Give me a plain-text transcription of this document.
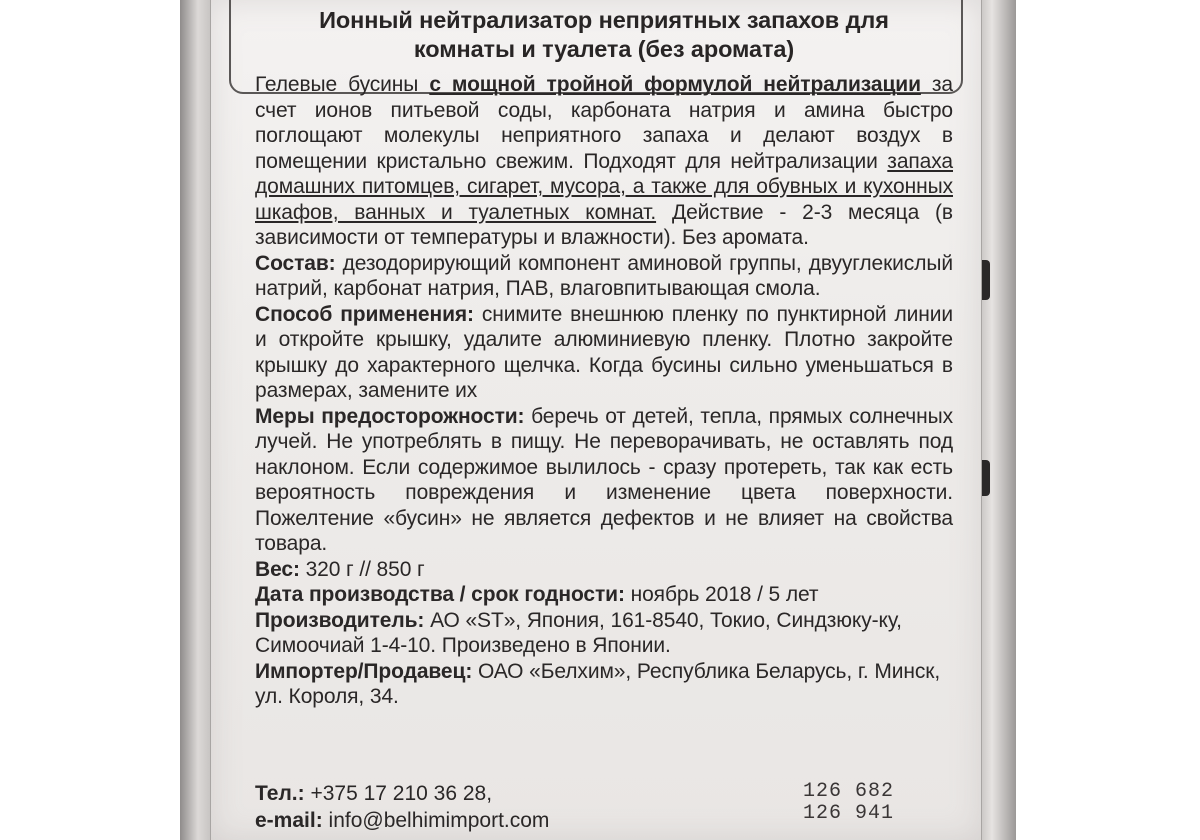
Ионный нейтрализатор неприятных запахов для
комнаты и туалета (без аромата)

Гелевые бусины с мощной тройной формулой нейтрализации за счет ионов питьевой соды, карбоната натрия и амина быстро поглощают молекулы неприятного запаха и делают воздух в помещении кристально свежим. Подходят для нейтрализации запаха домашних питомцев, сигарет, мусора, а также для обувных и кухонных шкафов, ванных и туалетных комнат. Действие - 2-3 месяца (в зависимости от температуры и влажности). Без аромата.

Состав: дезодорирующий компонент аминовой группы, двууглекислый натрий, карбонат натрия, ПАВ, влаговпитывающая смола.

Способ применения: снимите внешнюю пленку по пунктирной линии и откройте крышку, удалите алюминиевую пленку. Плотно закройте крышку до характерного щелчка. Когда бусины сильно уменьшаться в размерах, замените их

Меры предосторожности: беречь от детей, тепла, прямых солнечных лучей. Не употреблять в пищу. Не переворачивать, не оставлять под наклоном. Если содержимое вылилось - сразу протереть, так как есть вероятность повреждения и изменение цвета поверхности. Пожелтение «бусин» не является дефектов и не влияет на свойства товара.

Вес: 320 г // 850 г

Дата производства / срок годности: ноябрь 2018 / 5 лет

Производитель: АО «ST», Япония, 161-8540, Токио, Синдзюку-ку, Симоочиай 1-4-10. Произведено в Японии.

Импортер/Продавец: ОАО «Белхим», Республика Беларусь, г. Минск, ул. Короля, 34.

Тел.: +375 17 210 36 28,
e-mail: info@belhimimport.com
126 682
126 941
